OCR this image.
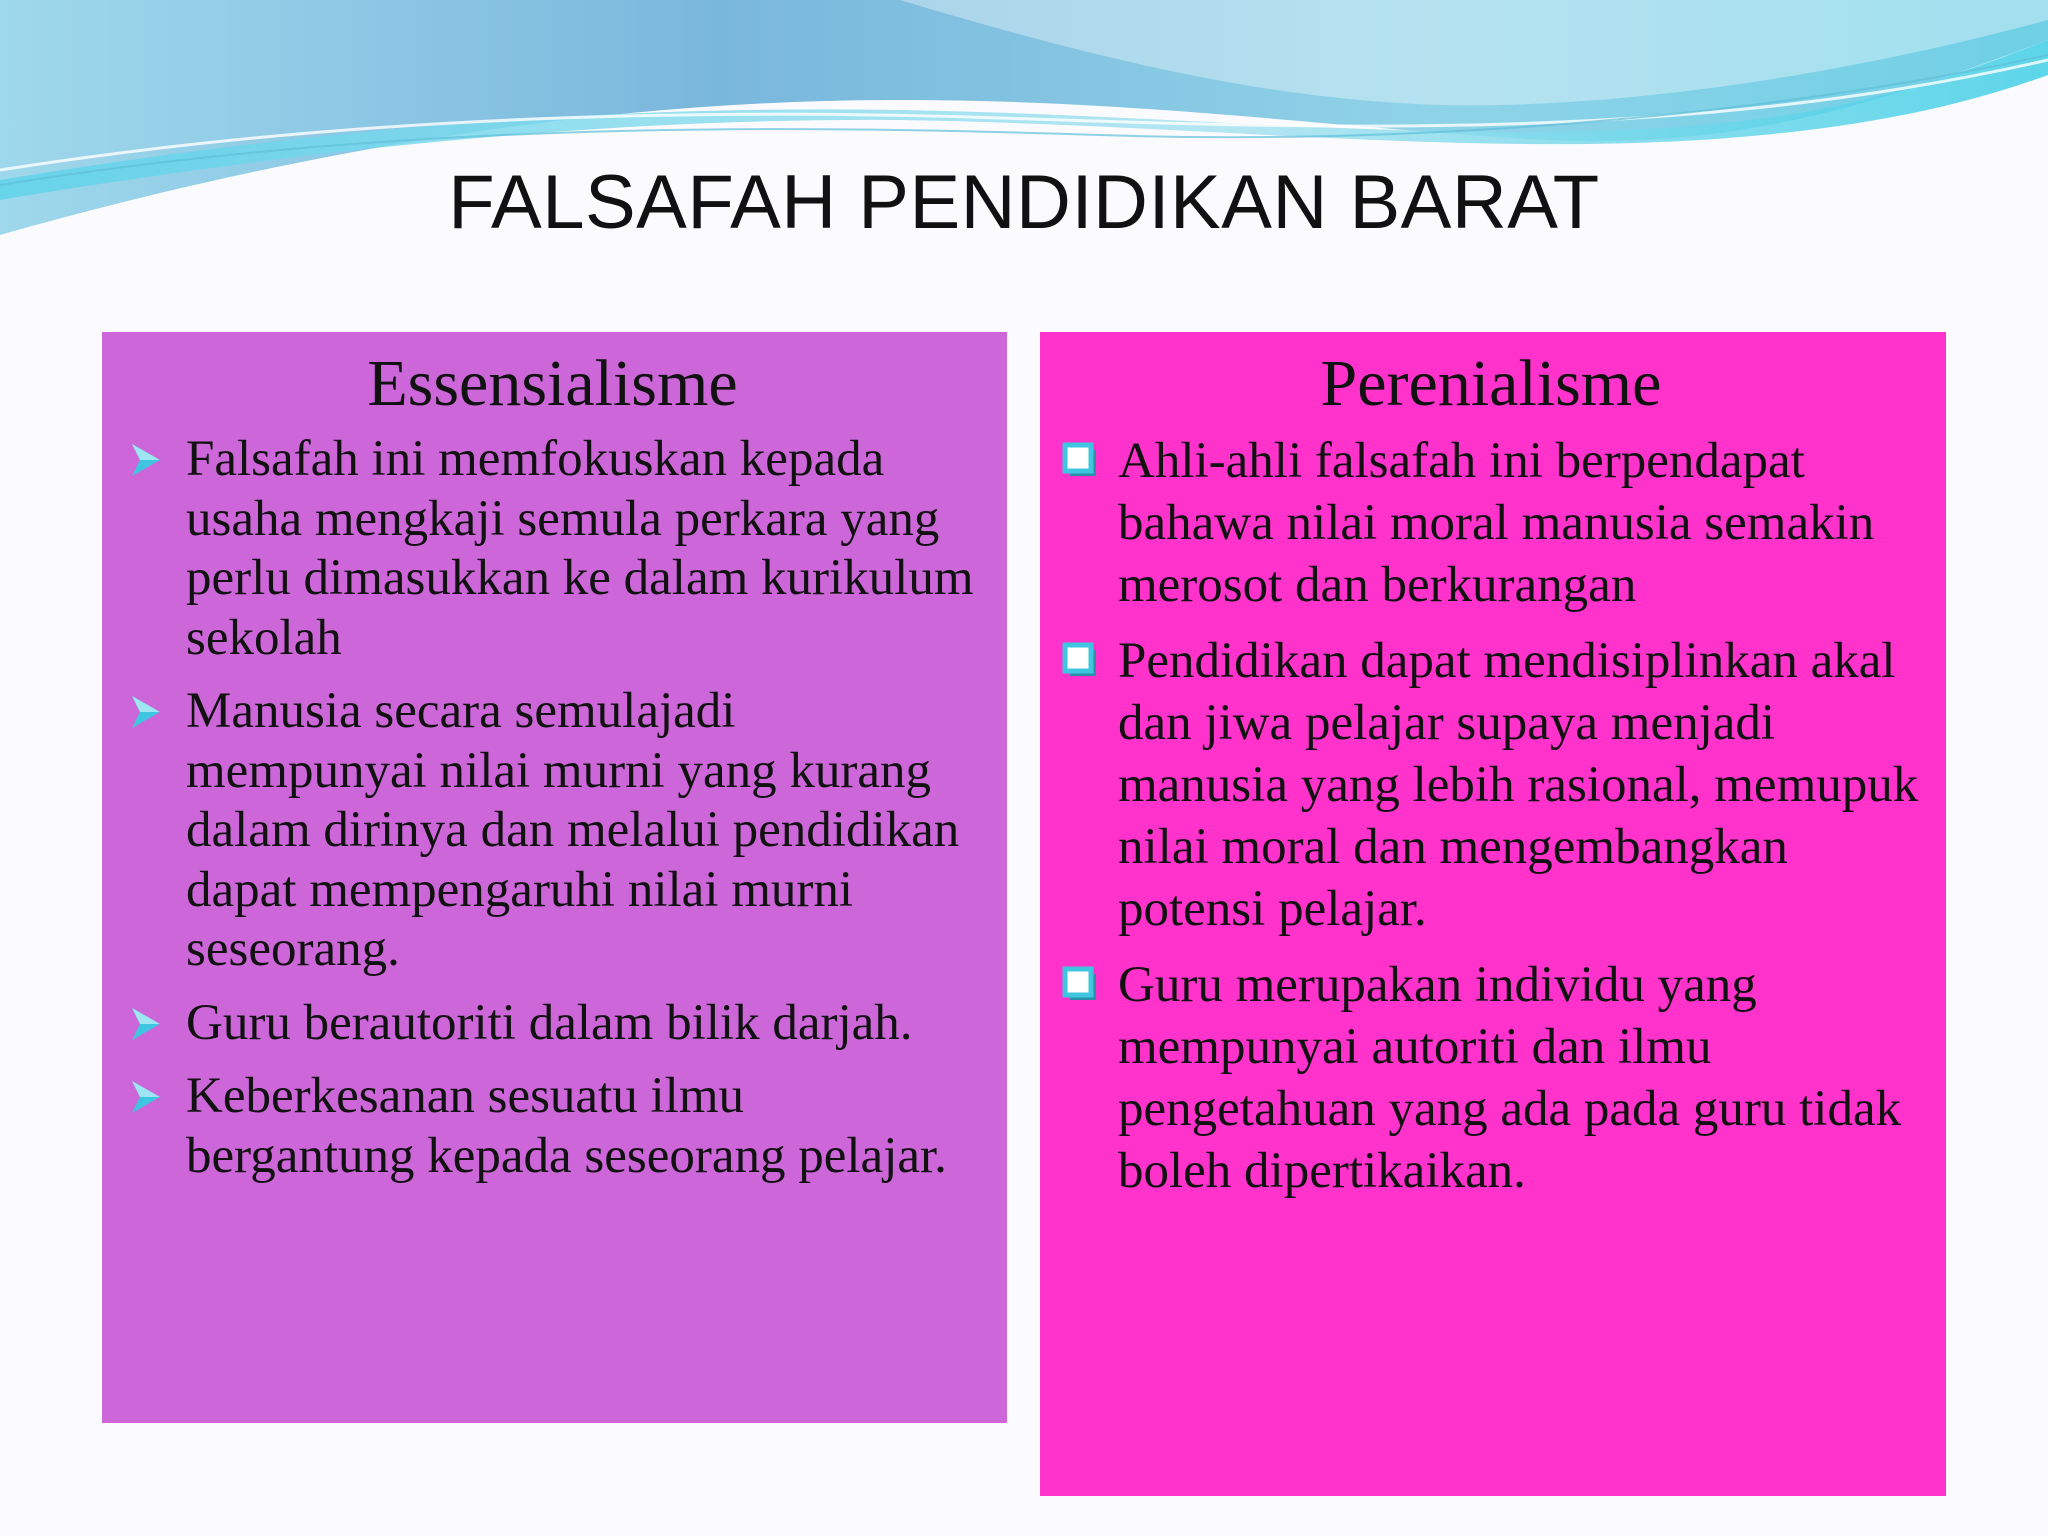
FALSAFAH PENDIDIKAN BARAT
Essensialisme
Falsafah ini memfokuskan kepada usaha mengkaji semula perkara yang perlu dimasukkan ke dalam kurikulum sekolah
Manusia secara semulajadi mempunyai nilai murni yang kurang dalam dirinya dan melalui pendidikan dapat mempengaruhi nilai murni seseorang.
Guru berautoriti dalam bilik darjah.
Keberkesanan sesuatu ilmu bergantung kepada seseorang pelajar.
Perenialisme
Ahli-ahli falsafah ini berpendapat bahawa nilai moral manusia semakin merosot dan berkurangan
Pendidikan dapat mendisiplinkan akal dan jiwa pelajar supaya menjadi manusia yang lebih rasional, memupuk nilai moral dan mengembangkan potensi pelajar.
Guru merupakan individu yang mempunyai autoriti dan ilmu pengetahuan yang ada pada guru tidak boleh dipertikaikan.
